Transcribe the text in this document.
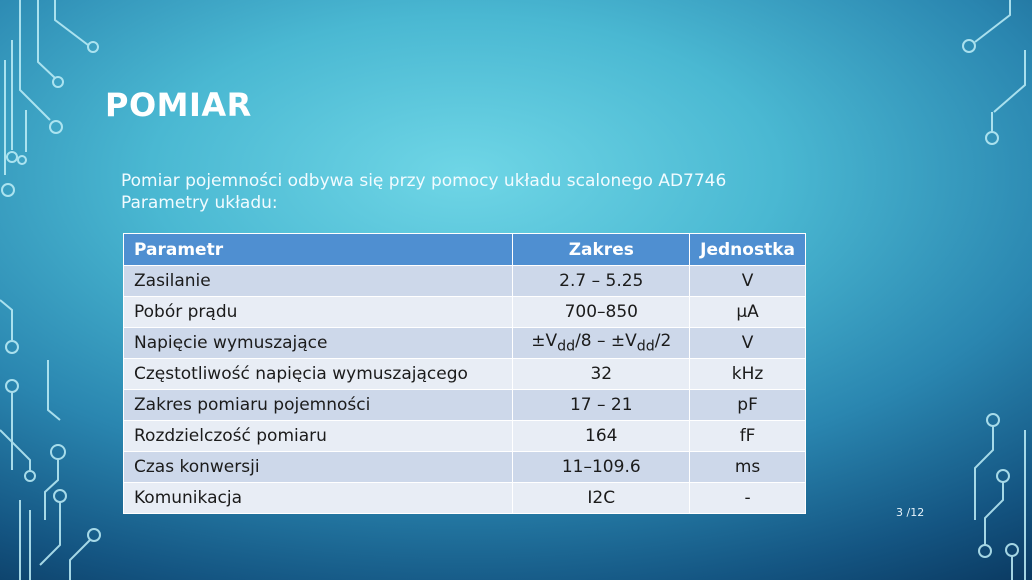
POMIAR
Pomiar pojemności odbywa się przy pomocy układu scalonego AD7746
Parametry układu:
Parametr	Zakres	Jednostka
Zasilanie	2.7 – 5.25	V
Pobór prądu	700–850	μA
Napięcie wymuszające	$\pm V_{dd}/8 - \pm V_{dd}/2$	V
Częstotliwość napięcia wymuszającego	32	kHz
Zakres pomiaru pojemności	17 – 21	pF
Rozdzielczość pomiaru	164	fF
Czas konwersji	11–109.6	ms
Komunikacja	I2C	-
3 /12
